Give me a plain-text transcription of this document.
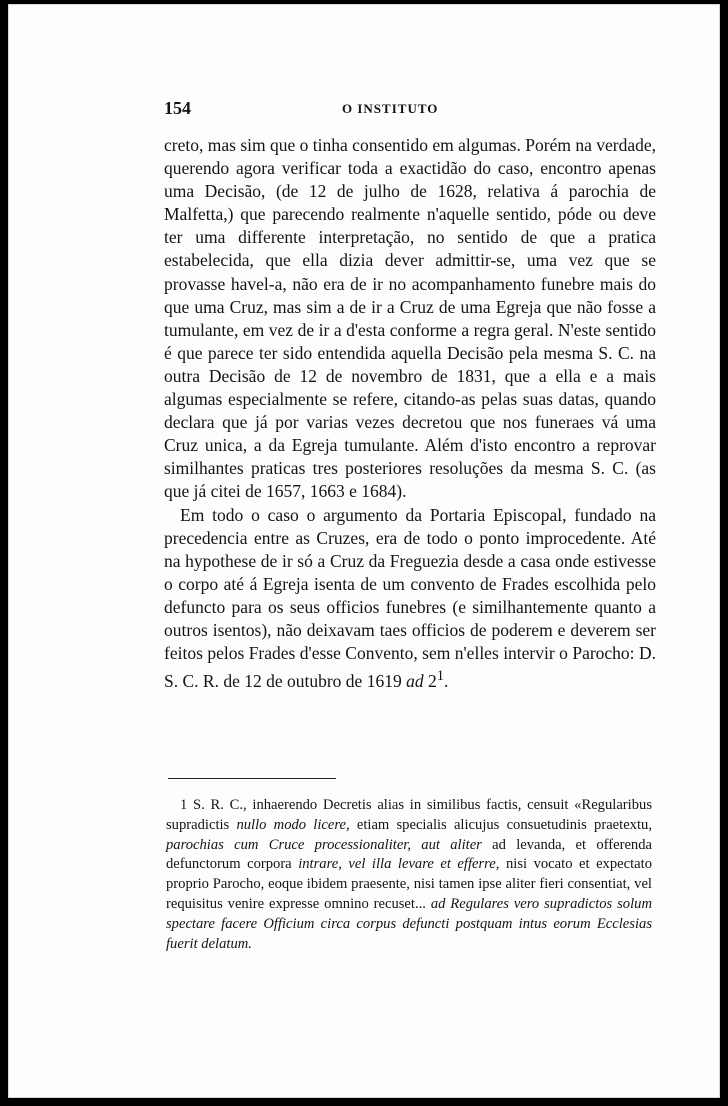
154	O INSTITUTO

creto, mas sim que o tinha consentido em algumas. Porém na verdade, querendo agora verificar toda a exactidão do caso, encontro apenas uma Decisão, (de 12 de julho de 1628, relativa á parochia de Malfetta,) que parecendo realmente n'aquelle sentido, póde ou deve ter uma differente interpretação, no sentido de que a pratica estabelecida, que ella dizia dever admittir-se, uma vez que se provasse havel-a, não era de ir no acompanhamento funebre mais do que uma Cruz, mas sim a de ir a Cruz de uma Egreja que não fosse a tumulante, em vez de ir a d'esta conforme a regra geral. N'este sentido é que parece ter sido entendida aquella Decisão pela mesma S. C. na outra Decisão de 12 de novembro de 1831, que a ella e a mais algumas especialmente se refere, citando-as pelas suas datas, quando declara que já por varias vezes decretou que nos funeraes vá uma Cruz unica, a da Egreja tumulante. Além d'isto encontro a reprovar similhantes praticas tres posteriores resoluções da mesma S. C. (as que já citei de 1657, 1663 e 1684).

Em todo o caso o argumento da Portaria Episcopal, fundado na precedencia entre as Cruzes, era de todo o ponto improcedente. Até na hypothese de ir só a Cruz da Freguezia desde a casa onde estivesse o corpo até á Egreja isenta de um convento de Frades escolhida pelo defuncto para os seus officios funebres (e similhantemente quanto a outros isentos), não deixavam taes officios de poderem e deverem ser feitos pelos Frades d'esse Convento, sem n'elles intervir o Parocho: D. S. C. R. de 12 de outubro de 1619 ad $2^1$.

1 S. R. C., inhaerendo Decretis alias in similibus factis, censuit «Regularibus supradictis nullo modo licere, etiam specialis alicujus consuetudinis praetextu, parochias cum Cruce processionaliter, aut aliter ad levanda, et offerenda defunctorum corpora intrare, vel illa levare et efferre, nisi vocato et expectato proprio Parocho, eoque ibidem praesente, nisi tamen ipse aliter fieri consentiat, vel requisitus venire expresse omnino recuset... ad Regulares vero supradictos solum spectare facere Officium circa corpus defuncti postquam intus eorum Ecclesias fuerit delatum.
